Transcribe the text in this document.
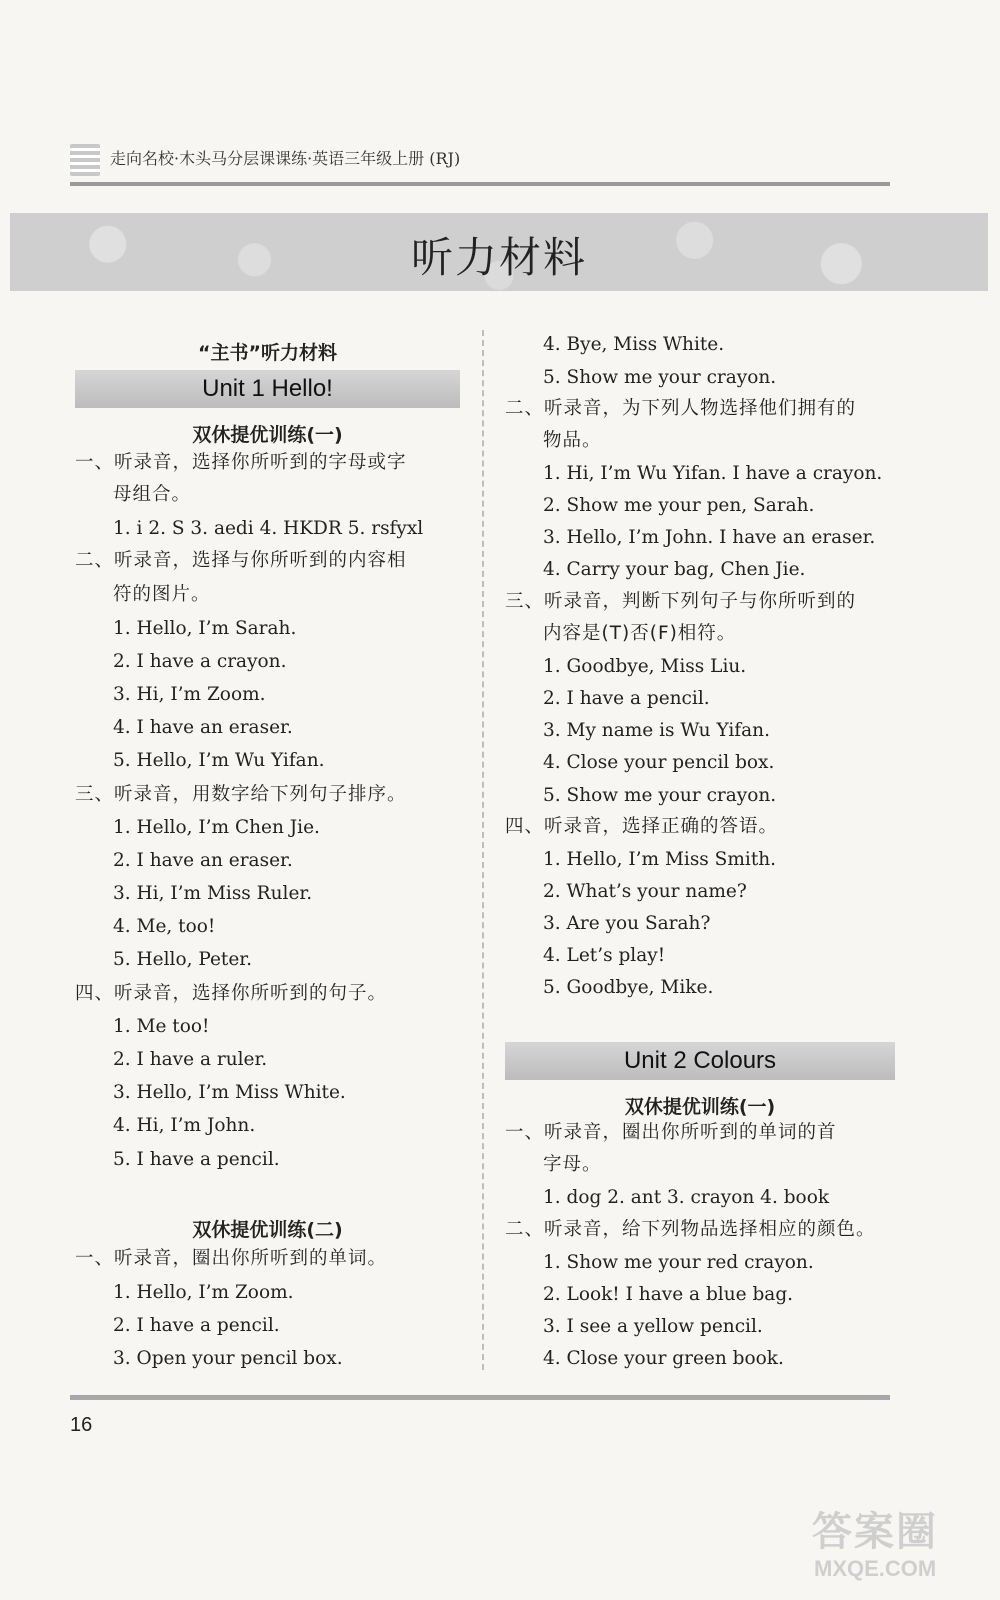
走向名校·木头马分层课课练·英语三年级上册 (RJ)
听力材料
“主书”听力材料
Unit 1 Hello!
双休提优训练(一)
一、听录音，选择你所听到的字母或字
母组合。
1. i 2. S 3. aedi 4. HKDR 5. rsfyxl
二、听录音，选择与你所听到的内容相
符的图片。
1. Hello, I’m Sarah.
2. I have a crayon.
3. Hi, I’m Zoom.
4. I have an eraser.
5. Hello, I’m Wu Yifan.
三、听录音，用数字给下列句子排序。
1. Hello, I’m Chen Jie.
2. I have an eraser.
3. Hi, I’m Miss Ruler.
4. Me, too!
5. Hello, Peter.
四、听录音，选择你所听到的句子。
1. Me too!
2. I have a ruler.
3. Hello, I’m Miss White.
4. Hi, I’m John.
5. I have a pencil.
双休提优训练(二)
一、听录音，圈出你所听到的单词。
1. Hello, I’m Zoom.
2. I have a pencil.
3. Open your pencil box.
4. Bye, Miss White.
5. Show me your crayon.
二、听录音，为下列人物选择他们拥有的
物品。
1. Hi, I’m Wu Yifan. I have a crayon.
2. Show me your pen, Sarah.
3. Hello, I’m John. I have an eraser.
4. Carry your bag, Chen Jie.
三、听录音，判断下列句子与你所听到的
内容是(T)否(F)相符。
1. Goodbye, Miss Liu.
2. I have a pencil.
3. My name is Wu Yifan.
4. Close your pencil box.
5. Show me your crayon.
四、听录音，选择正确的答语。
1. Hello, I’m Miss Smith.
2. What’s your name?
3. Are you Sarah?
4. Let’s play!
5. Goodbye, Mike.
Unit 2 Colours
双休提优训练(一)
一、听录音，圈出你所听到的单词的首
字母。
1. dog 2. ant 3. crayon 4. book
二、听录音，给下列物品选择相应的颜色。
1. Show me your red crayon.
2. Look! I have a blue bag.
3. I see a yellow pencil.
4. Close your green book.
16
答案圈
MXQE.COM
